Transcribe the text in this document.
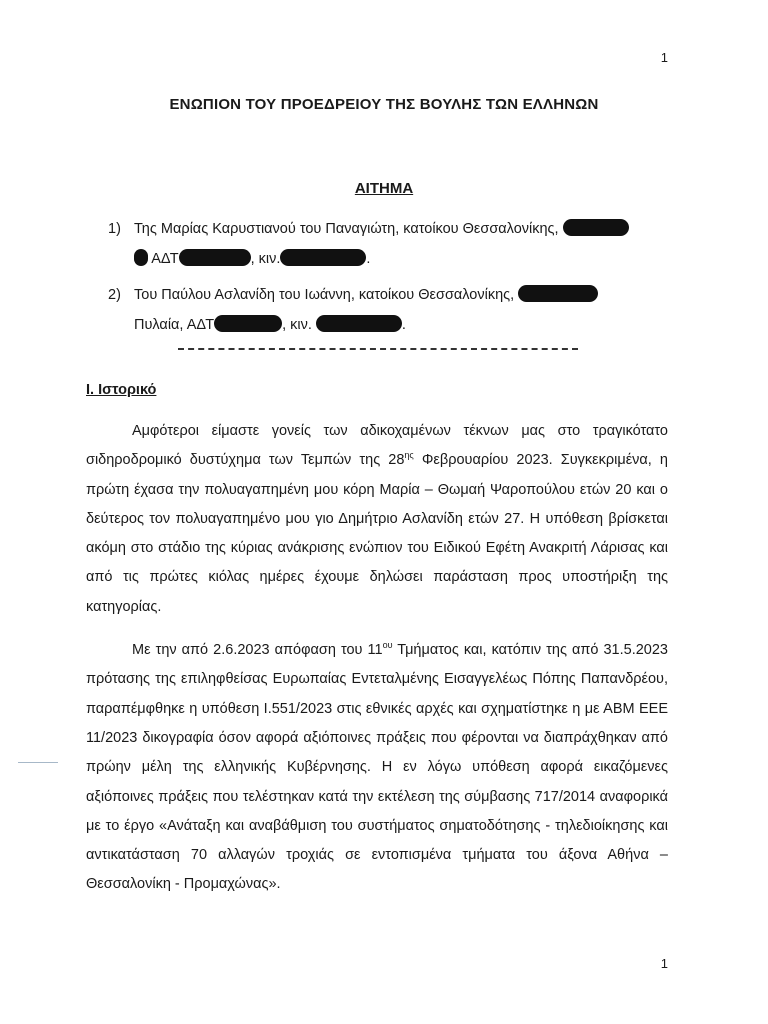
1
ΕΝΩΠΙΟΝ ΤΟΥ ΠΡΟΕΔΡΕΙΟΥ ΤΗΣ ΒΟΥΛΗΣ ΤΩΝ ΕΛΛΗΝΩΝ
ΑΙΤΗΜΑ
1) Της Μαρίας Καρυστιανού του Παναγιώτη, κατοίκου Θεσσαλονίκης,
ΑΔΤ	, κιν.	.
2) Του Παύλου Ασλανίδη του Ιωάννη, κατοίκου Θεσσαλονίκης,
Πυλαία, ΑΔΤ	, κιν.	.
Ι. Ιστορικό

Αμφότεροι είμαστε γονείς των αδικοχαμένων τέκνων μας στο τραγικότατο σιδηροδρομικό δυστύχημα των Τεμπών της $28^{\eta\varsigma}$ Φεβρουαρίου 2023. Συγκεκριμένα, η πρώτη έχασα την πολυαγαπημένη μου κόρη Μαρία – Θωμαή Ψαροπούλου ετών 20 και ο δεύτερος τον πολυαγαπημένο μου γιο Δημήτριο Ασλανίδη ετών 27. Η υπόθεση βρίσκεται ακόμη στο στάδιο της κύριας ανάκρισης ενώπιον του Ειδικού Εφέτη Ανακριτή Λάρισας και από τις πρώτες κιόλας ημέρες έχουμε δηλώσει παράσταση προς υποστήριξη της κατηγορίας.

Με την από 2.6.2023 απόφαση του $11^{o\upsilon}$ Τμήματος και, κατόπιν της από 31.5.2023 πρότασης της επιληφθείσας Ευρωπαίας Εντεταλμένης Εισαγγελέως Πόπης Παπανδρέου, παραπέμφθηκε η υπόθεση Ι.551/2023 στις εθνικές αρχές και σχηματίστηκε η με ΑΒΜ ΕΕΕ 11/2023 δικογραφία όσον αφορά αξιόποινες πράξεις που φέρονται να διαπράχθηκαν από πρώην μέλη της ελληνικής Κυβέρνησης. Η εν λόγω υπόθεση αφορά εικαζόμενες αξιόποινες πράξεις που τελέστηκαν κατά την εκτέλεση της σύμβασης 717/2014 αναφορικά με το έργο «Ανάταξη και αναβάθμιση του συστήματος σηματοδότησης - τηλεδιοίκησης και αντικατάσταση 70 αλλαγών τροχιάς σε εντοπισμένα τμήματα του άξονα Αθήνα – Θεσσαλονίκη - Προμαχώνας».

1
